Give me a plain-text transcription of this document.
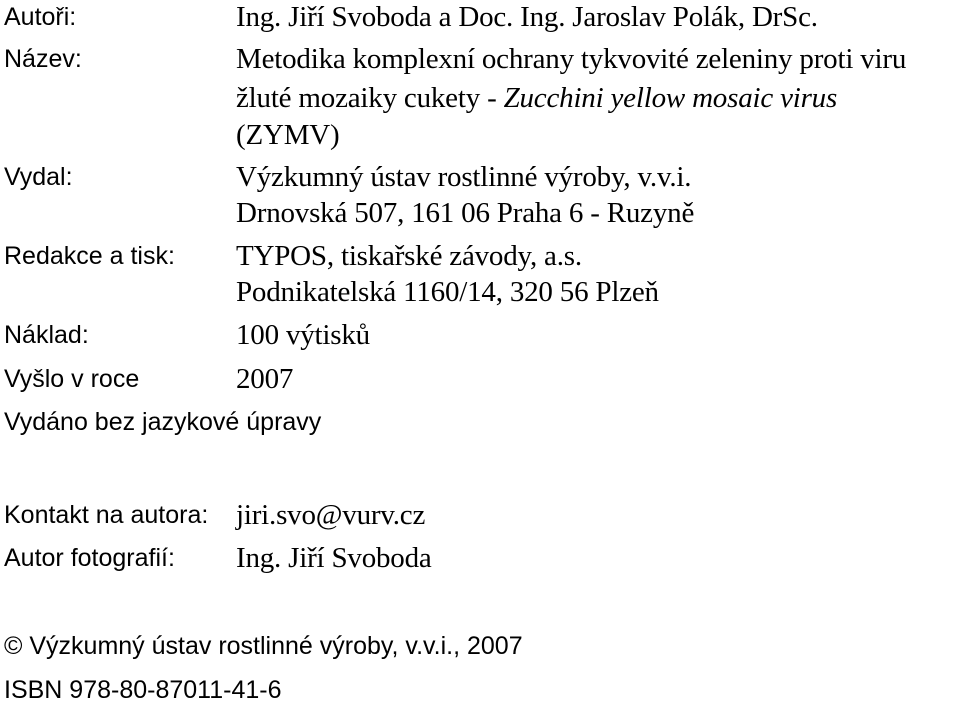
Autoři:	Ing. Jiří Svoboda a Doc. Ing. Jaroslav Polák, DrSc.
Název:	Metodika komplexní ochrany tykvovité zeleniny proti viru
žluté mozaiky cukety - Zucchini yellow mosaic virus
(ZYMV)
Vydal:	Výzkumný ústav rostlinné výroby, v.v.i.
Drnovská 507, 161 06 Praha 6 - Ruzyně
Redakce a tisk: TYPOS, tiskařské závody, a.s.
Podnikatelská 1160/14, 320 56 Plzeň
Náklad:	100 výtisků
Vyšlo v roce	2007
Vydáno bez jazykové úpravy
Kontakt na autora: jiri.svo@vurv.cz
Autor fotografií: Ing. Jiří Svoboda
© Výzkumný ústav rostlinné výroby, v.v.i., 2007
ISBN 978-80-87011-41-6
